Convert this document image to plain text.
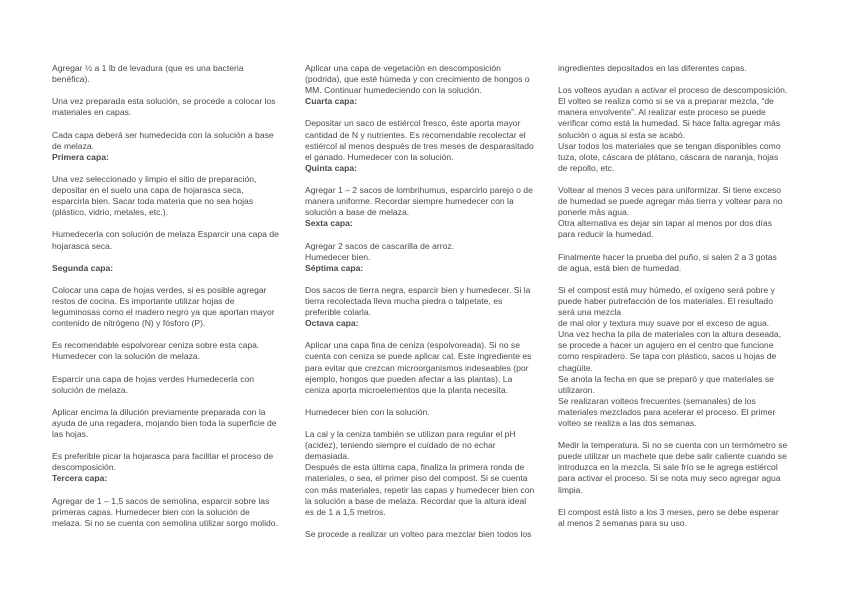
Agregar ½ a 1 lb de levadura (que es una bacteria
benéfica).
Una vez preparada esta solución, se procede a colocar los
materiales en capas.
Cada capa deberá ser humedecida con la solución a base
de melaza.
Primera capa:
Una vez seleccionado y limpio el sitio de preparación,
depositar en el suelo una capa de hojarasca seca,
esparcirla bien. Sacar toda materia que no sea hojas
(plástico, vidrio, metales, etc.).
Humedecerla con solución de melaza Esparcir una capa de
hojarasca seca.
Segunda capa:
Colocar una capa de hojas verdes, si es posible agregar
restos de cocina. Es importante utilizar hojas de
leguminosas como el madero negro ya que aportan mayor
contenido de nitrógeno (N) y fósforo (P).
Es recomendable espolvorear ceniza sobre esta capa.
Humedecer con la solución de melaza.
Esparcir una capa de hojas verdes Humedecerla con
solución de melaza.
Aplicar encima la dilución previamente preparada con la
ayuda de una regadera, mojando bien toda la superficie de
las hojas.
Es preferible picar la hojarasca para facilitar el proceso de
descomposición.
Tercera capa:
Agregar de 1 – 1,5 sacos de semolina, esparcir sobre las
primeras capas. Humedecer bien con la solución de
melaza. Si no se cuenta con semolina utilizar sorgo molido.
Aplicar una capa de vegetación en descomposición
(podrida), que esté húmeda y con crecimiento de hongos o
MM. Continuar humedeciendo con la solución.
Cuarta capa:
Depositar un saco de estiércol fresco, éste aporta mayor
cantidad de N y nutrientes. Es recomendable recolectar el
estiércol al menos después de tres meses de desparasitado
el ganado. Humedecer con la solución.
Quinta capa:
Agregar 1 – 2 sacos de lombrihumus, esparcirlo parejo o de
manera uniforme. Recordar siempre humedecer con la
solución a base de melaza.
Sexta capa:
Agregar 2 sacos de cascarilla de arroz.
Humedecer bien.
Séptima capa:
Dos sacos de tierra negra, esparcir bien y humedecer. Si la
tierra recolectada lleva mucha piedra o talpetate, es
preferible colarla.
Octava capa:
Aplicar una capa fina de ceniza (espolvoreada). Si no se
cuenta con ceniza se puede aplicar cal. Este ingrediente es
para evitar que crezcan microorganismos indeseables (por
ejemplo, hongos que pueden afectar a las plantas). La
ceniza aporta microelementos que la planta necesita.
Humedecer bien con la solución.
La cal y la ceniza también se utilizan para regular el pH
(acidez), teniendo siempre el cuidado de no echar
demasiada.
Después de esta última capa, finaliza la primera ronda de
materiales, o sea, el primer piso del compost. Si se cuenta
con más materiales, repetir las capas y humedecer bien con
la solución a base de melaza. Recordar que la altura ideal
es de 1 a 1,5 metros.
Se procede a realizar un volteo para mezclar bien todos los
ingredientes depositados en las diferentes capas.
Los volteos ayudan a activar el proceso de descomposición.
El volteo se realiza como si se va a preparar mezcla, “de
manera envolvente”. Al realizar este proceso se puede
verificar como está la humedad. Si hace falta agregar más
solución o agua si esta se acabó.
Usar todos los materiales que se tengan disponibles como
tuza, olote, cáscara de plátano, cáscara de naranja, hojas
de repollo, etc.
Voltear al menos 3 veces para uniformizar. Si tiene exceso
de humedad se puede agregar más tierra y voltear para no
ponerle más agua.
Otra alternativa es dejar sin tapar al menos por dos días
para reducir la humedad.
Finalmente hacer la prueba del puño, si salen 2 a 3 gotas
de agua, está bien de humedad.
Si el compost está muy húmedo, el oxígeno será pobre y
puede haber putrefacción de los materiales. El resultado
será una mezcla
de mal olor y textura muy suave por el exceso de agua.
Una vez hecha la pila de materiales con la altura deseada,
se procede a hacer un agujero en el centro que funcione
como respiradero. Se tapa con plástico, sacos u hojas de
chagüite.
Se anota la fecha en que se preparó y que materiales se
utilizaron.
Se realizaran volteos frecuentes (semanales) de los
materiales mezclados para acelerar el proceso. El primer
volteo se realiza a las dos semanas.
Medir la temperatura. Si no se cuenta con un termómetro se
puede utilizar un machete que debe salir caliente cuando se
introduzca en la mezcla. Si sale frío se le agrega estiércol
para activar el proceso. Si se nota muy seco agregar agua
limpia.
El compost está listo a los 3 meses, pero se debe esperar
al menos 2 semanas para su uso.
